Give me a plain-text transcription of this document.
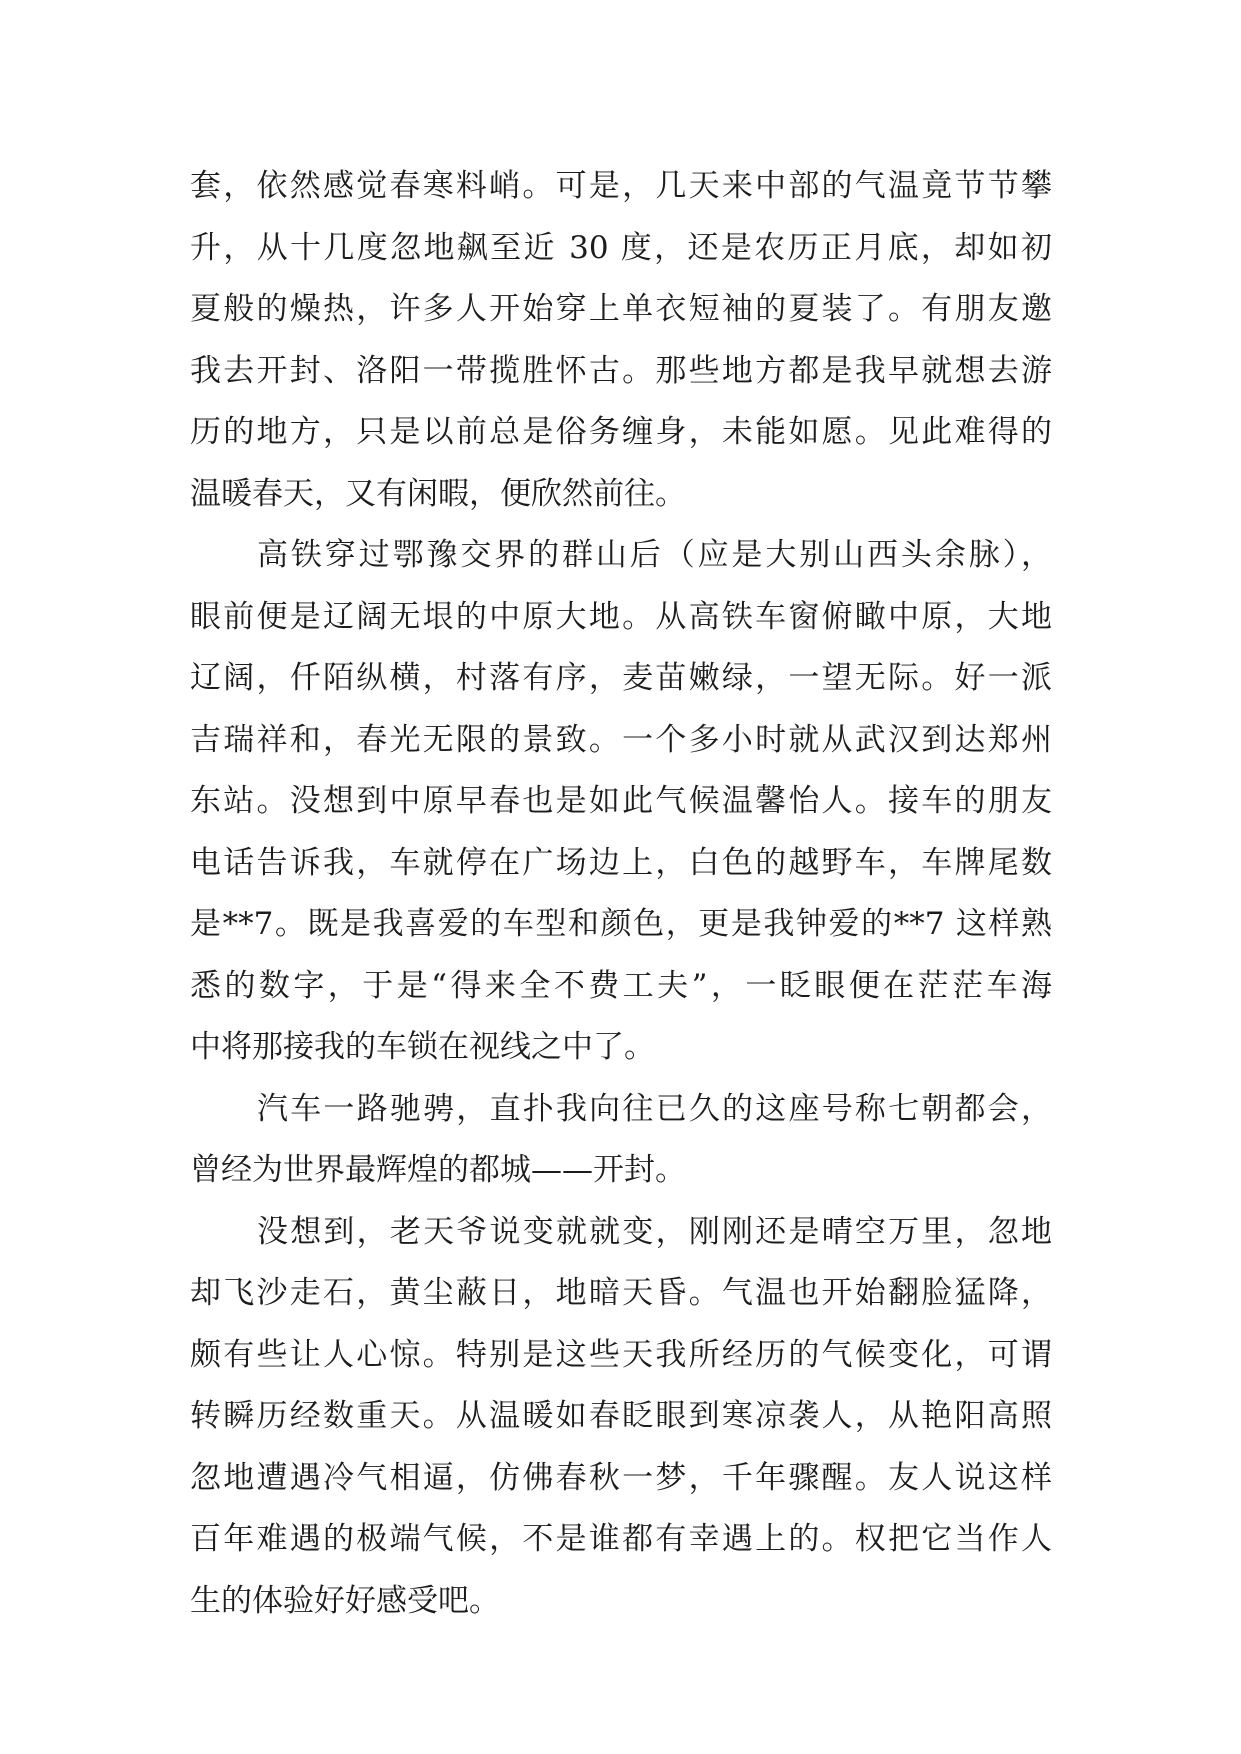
套，依然感觉春寒料峭。可是，几天来中部的气温竟节节攀
升，从十几度忽地飙至近 30 度，还是农历正月底，却如初
夏般的燥热，许多人开始穿上单衣短袖的夏装了。有朋友邀
我去开封、洛阳一带揽胜怀古。那些地方都是我早就想去游
历的地方，只是以前总是俗务缠身，未能如愿。见此难得的
温暖春天，又有闲暇，便欣然前往。
高铁穿过鄂豫交界的群山后（应是大别山西头余脉），
眼前便是辽阔无垠的中原大地。从高铁车窗俯瞰中原，大地
辽阔，仟陌纵横，村落有序，麦苗嫩绿，一望无际。好一派
吉瑞祥和，春光无限的景致。一个多小时就从武汉到达郑州
东站。没想到中原早春也是如此气候温馨怡人。接车的朋友
电话告诉我，车就停在广场边上，白色的越野车，车牌尾数
是**7。既是我喜爱的车型和颜色，更是我钟爱的**7 这样熟
悉的数字，于是“得来全不费工夫”，一眨眼便在茫茫车海
中将那接我的车锁在视线之中了。
汽车一路驰骋，直扑我向往已久的这座号称七朝都会，
曾经为世界最辉煌的都城——开封。
没想到，老天爷说变就就变，刚刚还是晴空万里，忽地
却飞沙走石，黄尘蔽日，地暗天昏。气温也开始翻脸猛降，
颇有些让人心惊。特别是这些天我所经历的气候变化，可谓
转瞬历经数重天。从温暖如春眨眼到寒凉袭人，从艳阳高照
忽地遭遇冷气相逼，仿佛春秋一梦，千年骤醒。友人说这样
百年难遇的极端气候，不是谁都有幸遇上的。权把它当作人
生的体验好好感受吧。
